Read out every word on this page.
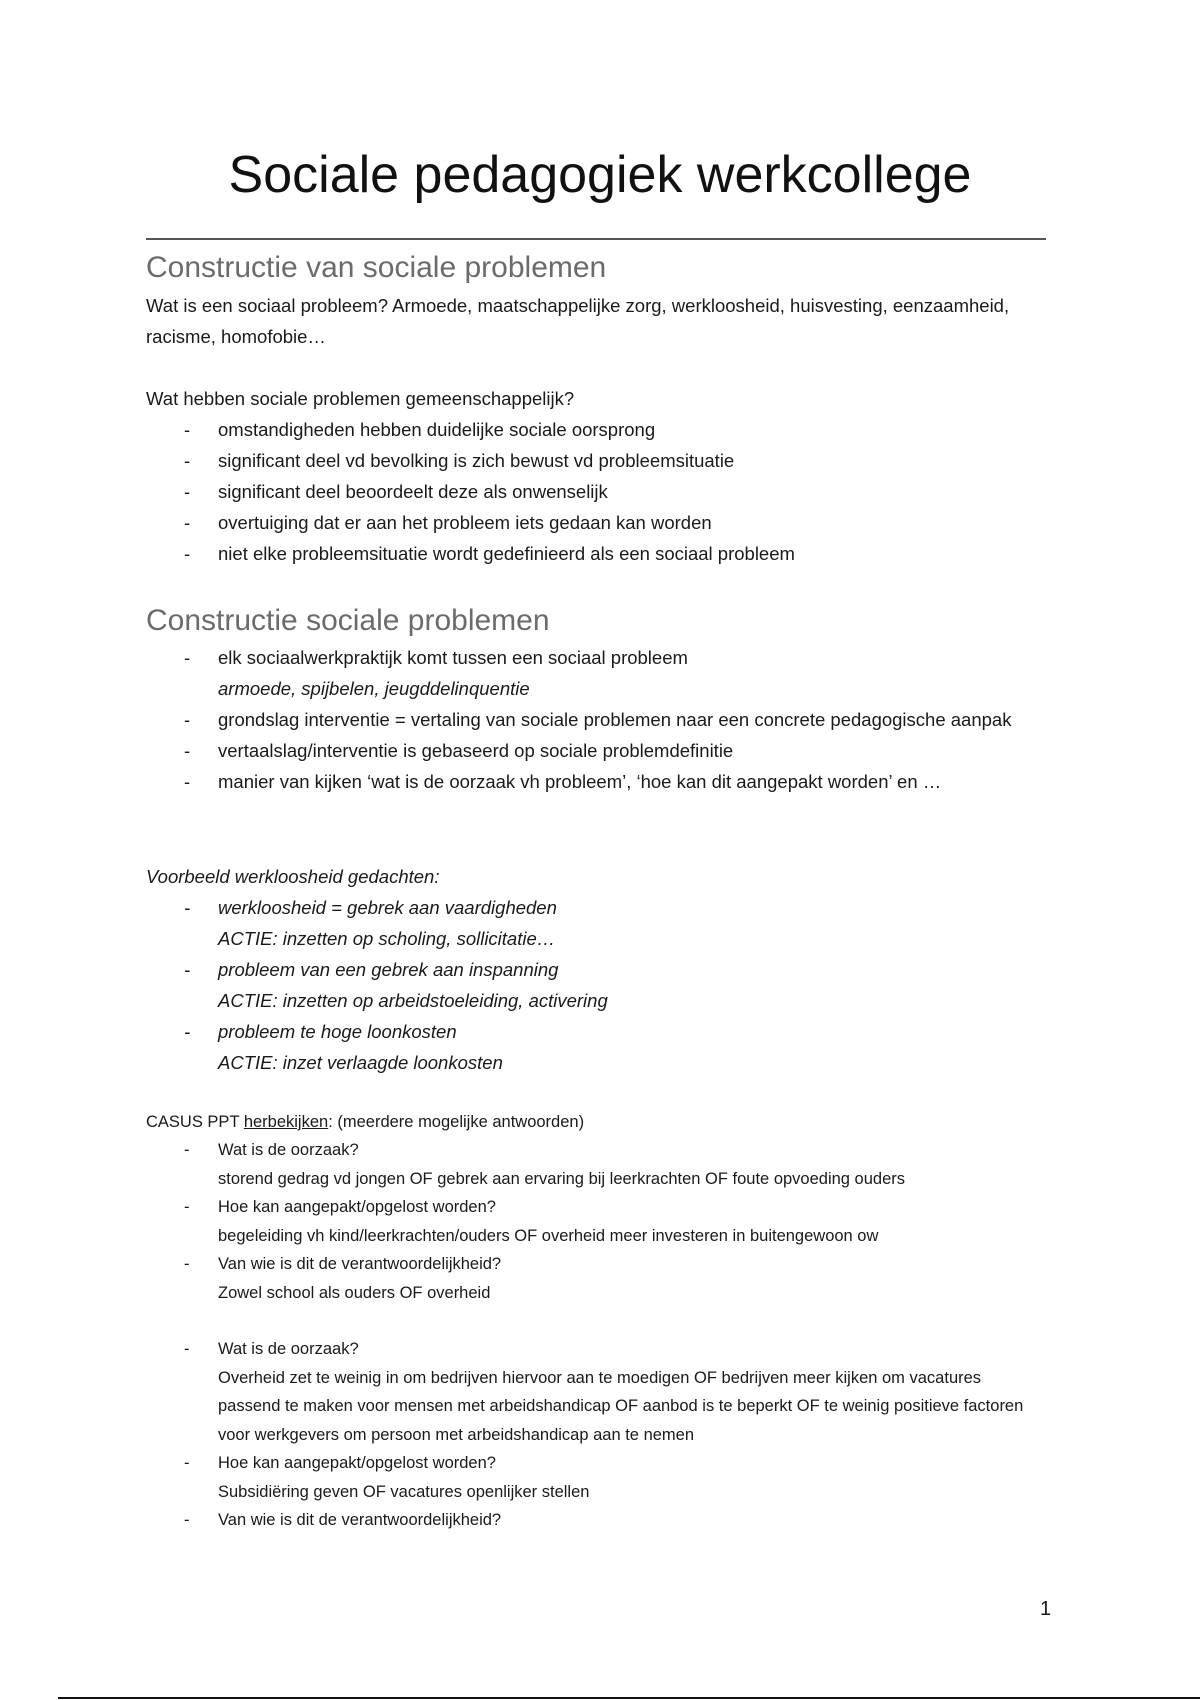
Sociale pedagogiek werkcollege
Constructie van sociale problemen

Wat is een sociaal probleem? Armoede, maatschappelijke zorg, werkloosheid, huisvesting, eenzaamheid, racisme, homofobie…

Wat hebben sociale problemen gemeenschappelijk?

- omstandigheden hebben duidelijke sociale oorsprong
- significant deel vd bevolking is zich bewust vd probleemsituatie
- significant deel beoordeelt deze als onwenselijk
- overtuiging dat er aan het probleem iets gedaan kan worden
- niet elke probleemsituatie wordt gedefinieerd als een sociaal probleem
Constructie sociale problemen
- elk sociaalwerkpraktijk komt tussen een sociaal probleem
armoede, spijbelen, jeugddelinquentie
- grondslag interventie = vertaling van sociale problemen naar een concrete pedagogische aanpak
- vertaalslag/interventie is gebaseerd op sociale problemdefinitie
- manier van kijken ‘wat is de oorzaak vh probleem’, ‘hoe kan dit aangepakt worden’ en …

Voorbeeld werkloosheid gedachten:

- werkloosheid = gebrek aan vaardigheden
ACTIE: inzetten op scholing, sollicitatie…
- probleem van een gebrek aan inspanning
ACTIE: inzetten op arbeidstoeleiding, activering
- probleem te hoge loonkosten
ACTIE: inzet verlaagde loonkosten

CASUS PPT herbekijken: (meerdere mogelijke antwoorden)

- Wat is de oorzaak?
storend gedrag vd jongen OF gebrek aan ervaring bij leerkrachten OF foute opvoeding ouders
- Hoe kan aangepakt/opgelost worden?
begeleiding vh kind/leerkrachten/ouders OF overheid meer investeren in buitengewoon ow
- Van wie is dit de verantwoordelijkheid?
Zowel school als ouders OF overheid
- Wat is de oorzaak?
Overheid zet te weinig in om bedrijven hiervoor aan te moedigen OF bedrijven meer kijken om vacatures passend te maken voor mensen met arbeidshandicap OF aanbod is te beperkt OF te weinig positieve factoren voor werkgevers om persoon met arbeidshandicap aan te nemen
- Hoe kan aangepakt/opgelost worden?
Subsidiëring geven OF vacatures openlijker stellen
- Van wie is dit de verantwoordelijkheid?
1
